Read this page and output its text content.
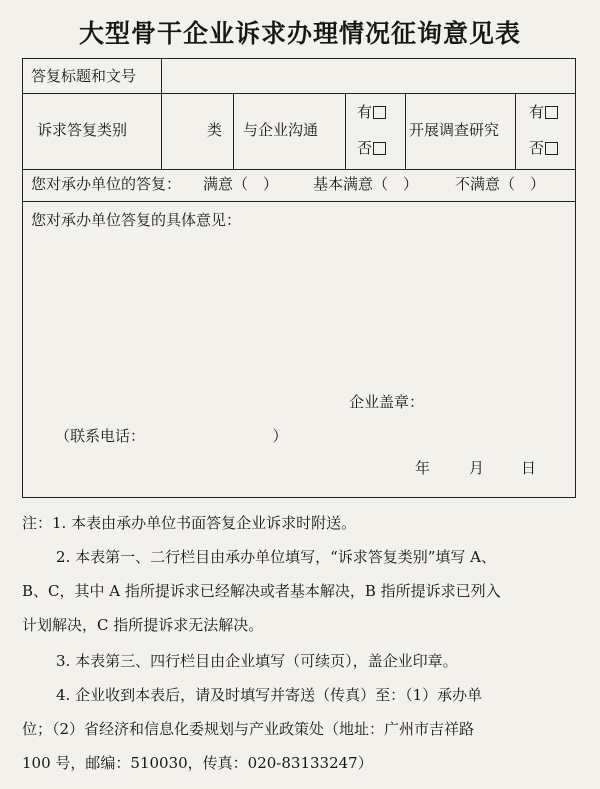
大型骨干企业诉求办理情况征询意见表
答复标题和文号
诉求答复类别	类 与企业沟通
有
否
开展调查研究
有
否
您对承办单位的答复： 满意（　） 基本满意（　） 不满意（　）
您对承办单位答复的具体意见：
企业盖章：
（联系电话：　　　　　　　　　）
年	月 日

注：1. 本表由承办单位书面答复企业诉求时附送。

2. 本表第一、二行栏目由承办单位填写，“诉求答复类别”填写 A、

B、C，其中 A 指所提诉求已经解决或者基本解决，B 指所提诉求已列入

计划解决，C 指所提诉求无法解决。

3. 本表第三、四行栏目由企业填写（可续页），盖企业印章。

4. 企业收到本表后，请及时填写并寄送（传真）至：（1）承办单

位；（2）省经济和信息化委规划与产业政策处（地址：广州市吉祥路

100 号，邮编：510030，传真：020-83133247）
